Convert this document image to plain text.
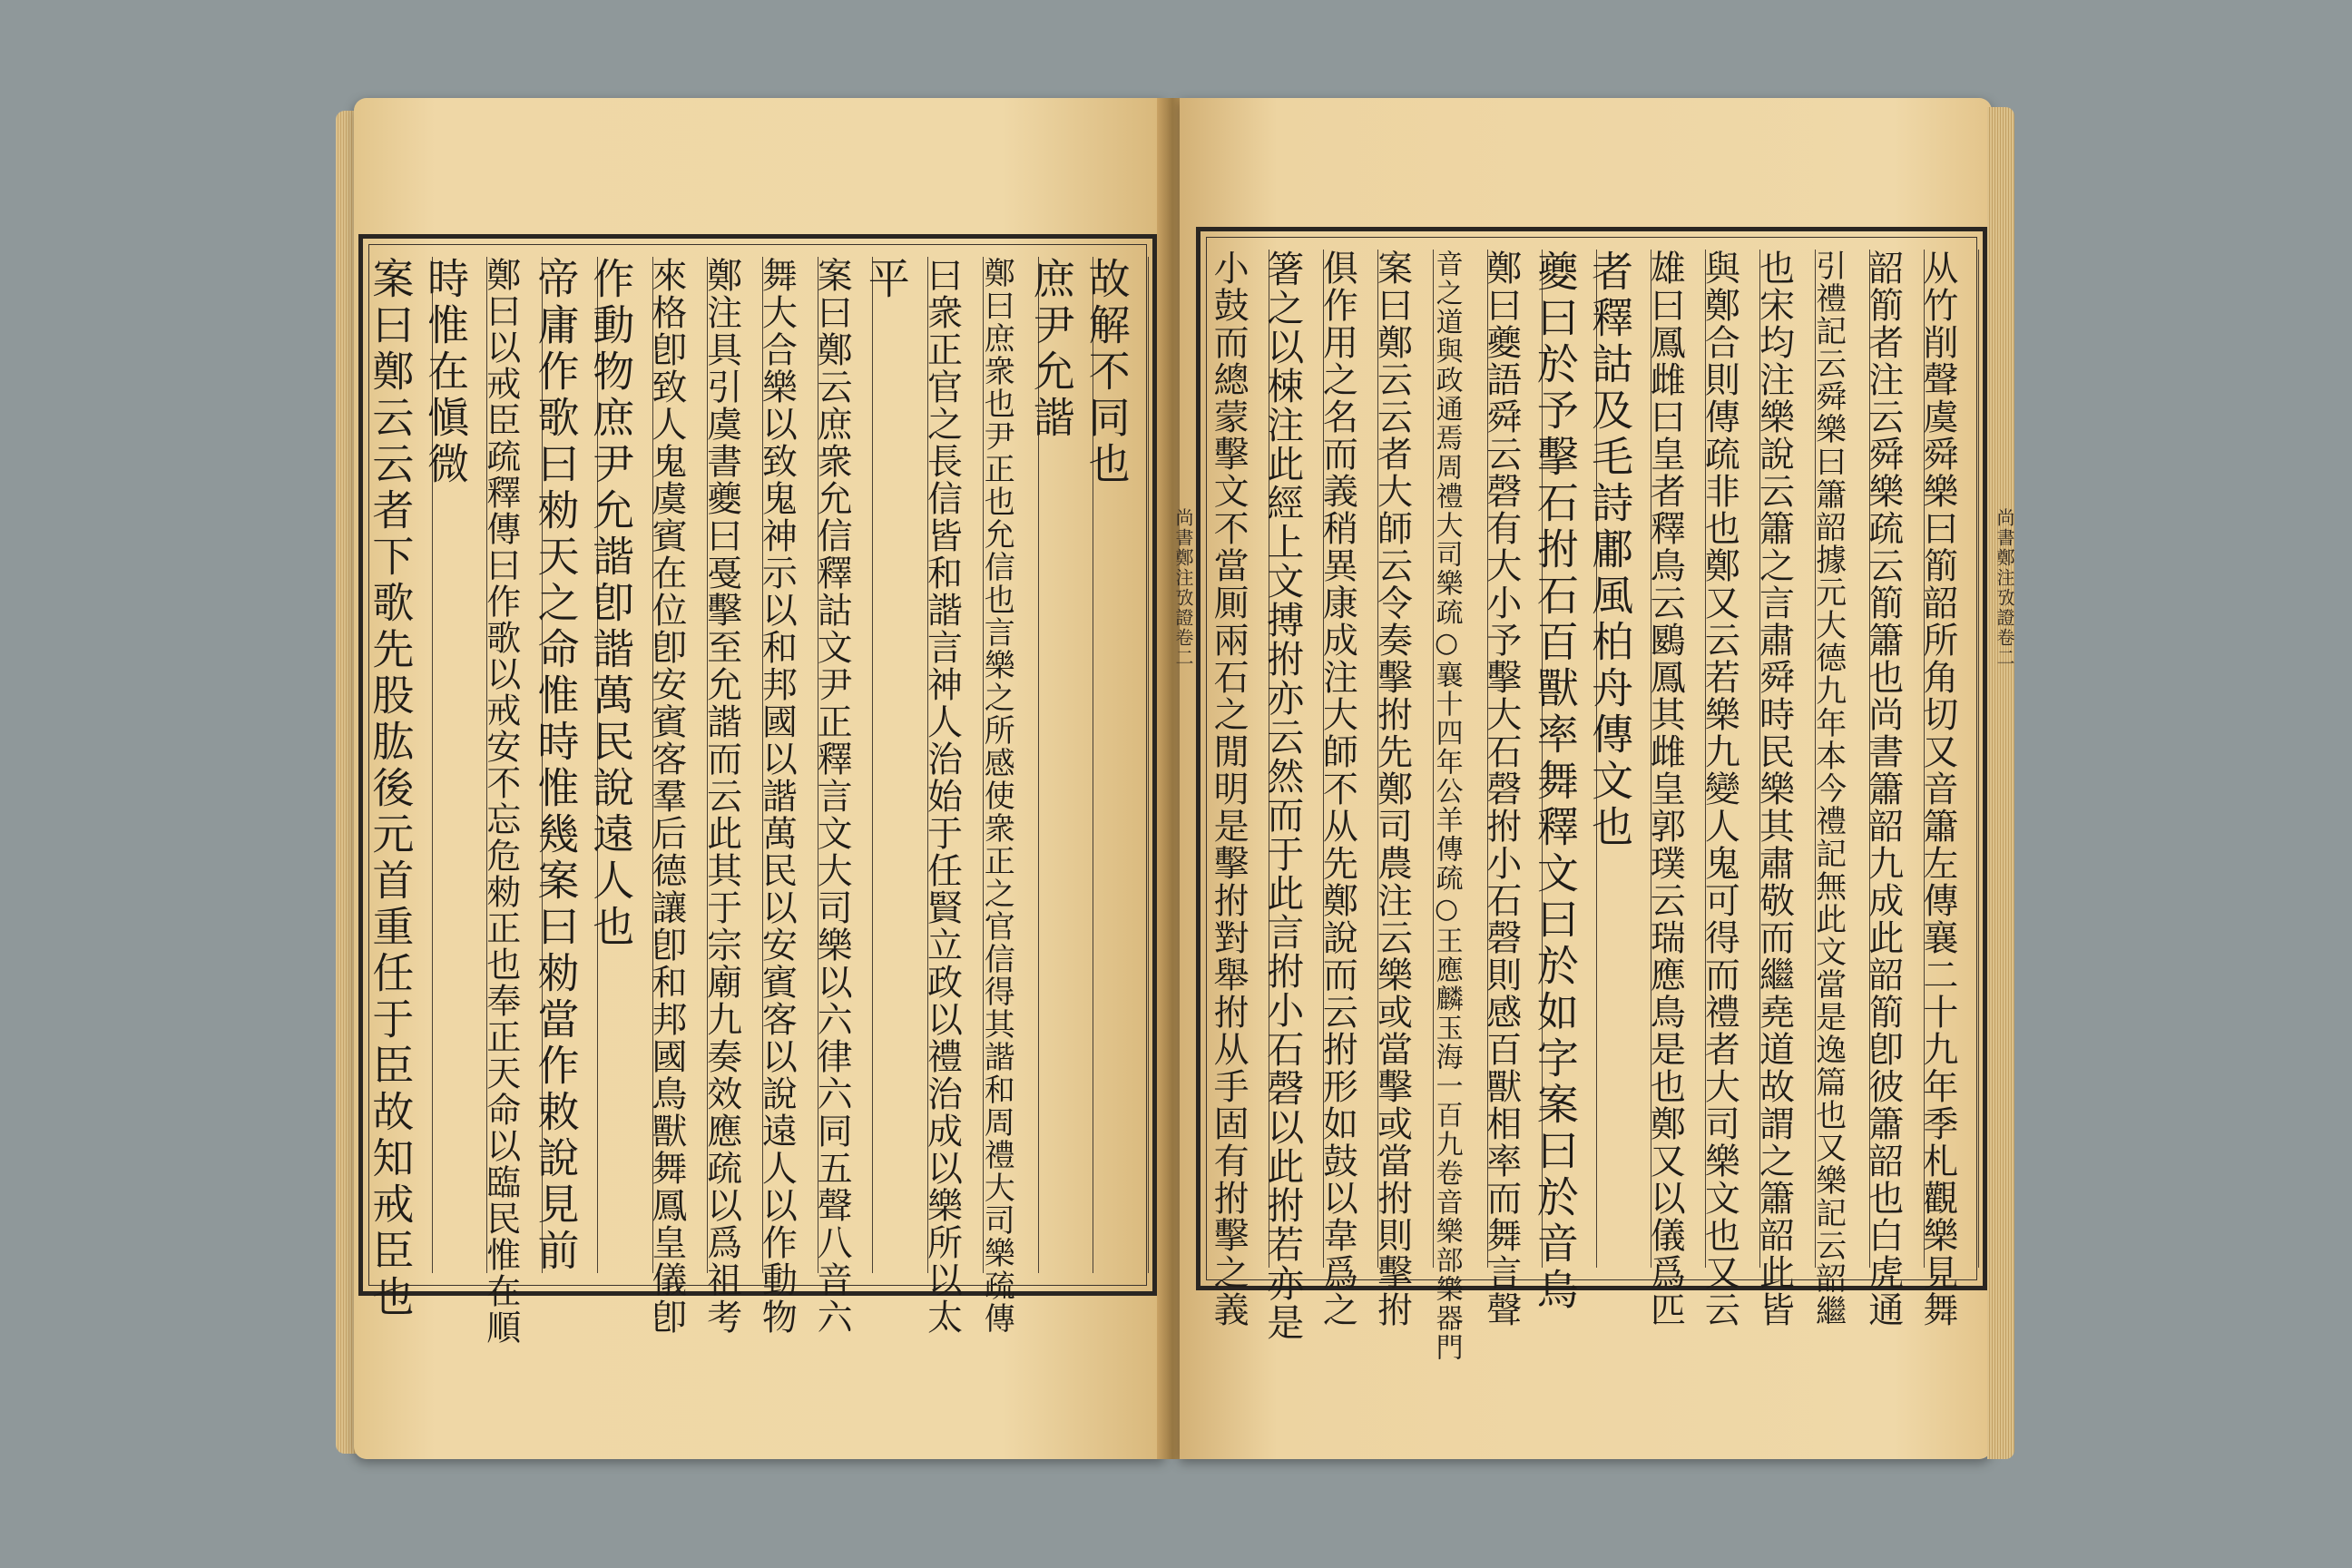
案曰鄭云云者下歌先股肱後元首重任于臣故知戒臣也 時惟在愼微 鄭曰以戒臣疏釋傳曰作歌以戒安不忘危勑正也奉正天命以臨民惟在順 帝庸作歌曰勑天之命惟時惟幾案曰勑當作敕說見前 作動物庶尹允諧卽諧萬民說遠人也 來格卽致人鬼虞賓在位卽安賓客羣后德讓卽和邦國鳥獸舞鳳皇儀卽 鄭注具引虞書夔曰戞擊至允諧而云此其于宗廟九奏效應疏以爲祖考 舞大合樂以致鬼神示以和邦國以諧萬民以安賓客以說遠人以作動物 案曰鄭云庶衆允信釋詁文尹正釋言文大司樂以六律六同五聲八音六 平 曰衆正官之長信皆和諧言神人治始于任賢立政以禮治成以樂所以太 鄭曰庶衆也尹正也允信也言樂之所感使衆正之官信得其諧和周禮大司樂疏傳 庶尹允諧 故解不同也	小鼓而總蒙擊文不當厠兩石之閒明是擊拊對舉拊从手固有拊擊之義 箸之以梀注此經上文搏拊亦云然而于此言拊小石磬以此拊若亦是 俱作用之名而義稍異康成注大師不从先鄭說而云拊形如鼓以韋爲之 案曰鄭云云者大師云令奏擊拊先鄭司農注云樂或當擊或當拊則擊拊 音之道與政通焉周禮大司樂疏○襄十四年公羊傳疏○王應麟玉海一百九卷音樂部樂器門 鄭曰夔語舜云磬有大小予擊大石磬拊小石磬則感百獸相率而舞言聲 夔曰於予擊石拊石百獸率舞釋文曰於如字案曰於音烏 者釋詁及毛詩鄘風柏舟傳文也 雄曰鳳雌曰皇者釋鳥云鶠鳳其雌皇郭璞云瑞應鳥是也鄭又以儀爲匹 與鄭合則傳疏非也鄭又云若樂九變人鬼可得而禮者大司樂文也又云 也宋均注樂說云簫之言肅舜時民樂其肅敬而繼堯道故謂之簫韶此皆 引禮記云舜樂曰簫韶據元大德九年本今禮記無此文當是逸篇也又樂記云韶繼 韶箾者注云舜樂疏云箾簫也尚書簫韶九成此韶箾卽彼簫韶也白虎通 从竹削聲虞舜樂曰箾韶所角切又音簫左傳襄二十九年季札觀樂見舞
尚書鄭注攷證卷二	尚書鄭注攷證卷二
